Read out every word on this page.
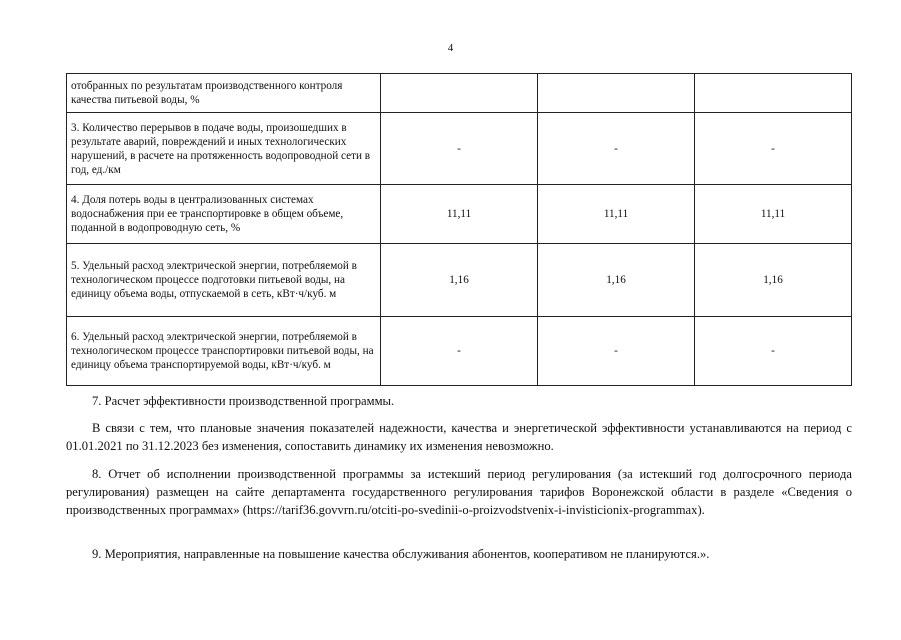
4
отобранных по результатам производственного контроля качества питьевой воды, %			
3. Количество перерывов в подаче воды, произошедших в результате аварий, повреждений и иных технологических нарушений, в расчете на протяженность водопроводной сети в год, ед./км	-	-	-
4. Доля потерь воды в централизованных системах водоснабжения при ее транспортировке в общем объеме, поданной в водопроводную сеть, %	11,11	11,11	11,11
5. Удельный расход электрической энергии, потребляемой в технологическом процессе подготовки питьевой воды, на единицу объема воды, отпускаемой в сеть, кВт·ч/куб. м	1,16	1,16	1,16
6. Удельный расход электрической энергии, потребляемой в технологическом процессе транспортировки питьевой воды, на единицу объема транспортируемой воды, кВт·ч/куб. м	-	-	-

7. Расчет эффективности производственной программы.

В связи с тем, что плановые значения показателей надежности, качества и энергетической эффективности устанавливаются на период с 01.01.2021 по 31.12.2023 без изменения, сопоставить динамику их изменения невозможно.

8. Отчет об исполнении производственной программы за истекший период регулирования (за истекший год долгосрочного периода регулирования) размещен на сайте департамента государственного регулирования тарифов Воронежской области в разделе «Сведения о производственных программах» (https://tarif36.govvrn.ru/otciti-po-svedinii-o-proizvodstvenix-i-invisticionix-programmax).

9. Мероприятия, направленные на повышение качества обслуживания абонентов, кооперативом не планируются.».
